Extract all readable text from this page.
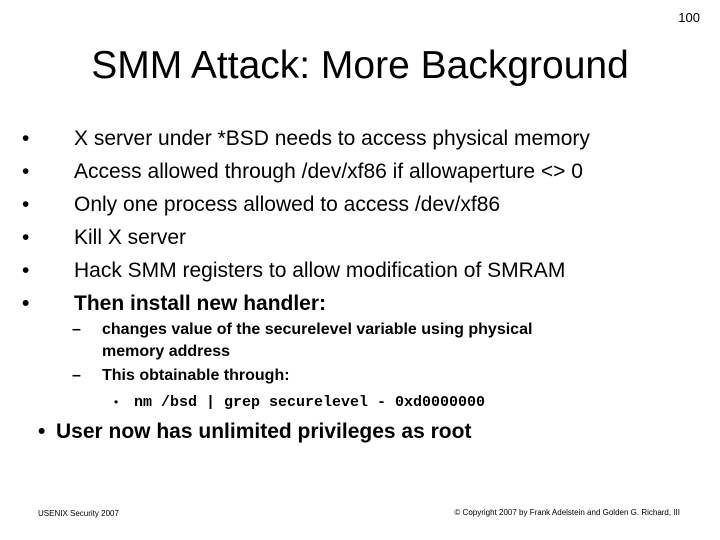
100
SMM Attack: More Background
•	X server under *BSD needs to access physical memory
•	Access allowed through /dev/xf86 if allowaperture <> 0
•	Only one process allowed to access /dev/xf86
•	Kill X server
•	Hack SMM registers to allow modification of SMRAM
•	Then install new handler:
– changes value of the securelevel variable using physical
memory address
– This obtainable through:
• nm /bsd | grep securelevel - 0xd0000000
• User now has unlimited privileges as root
USENIX Security 2007	© Copyright 2007 by Frank Adelstein and Golden G. Richard, III
